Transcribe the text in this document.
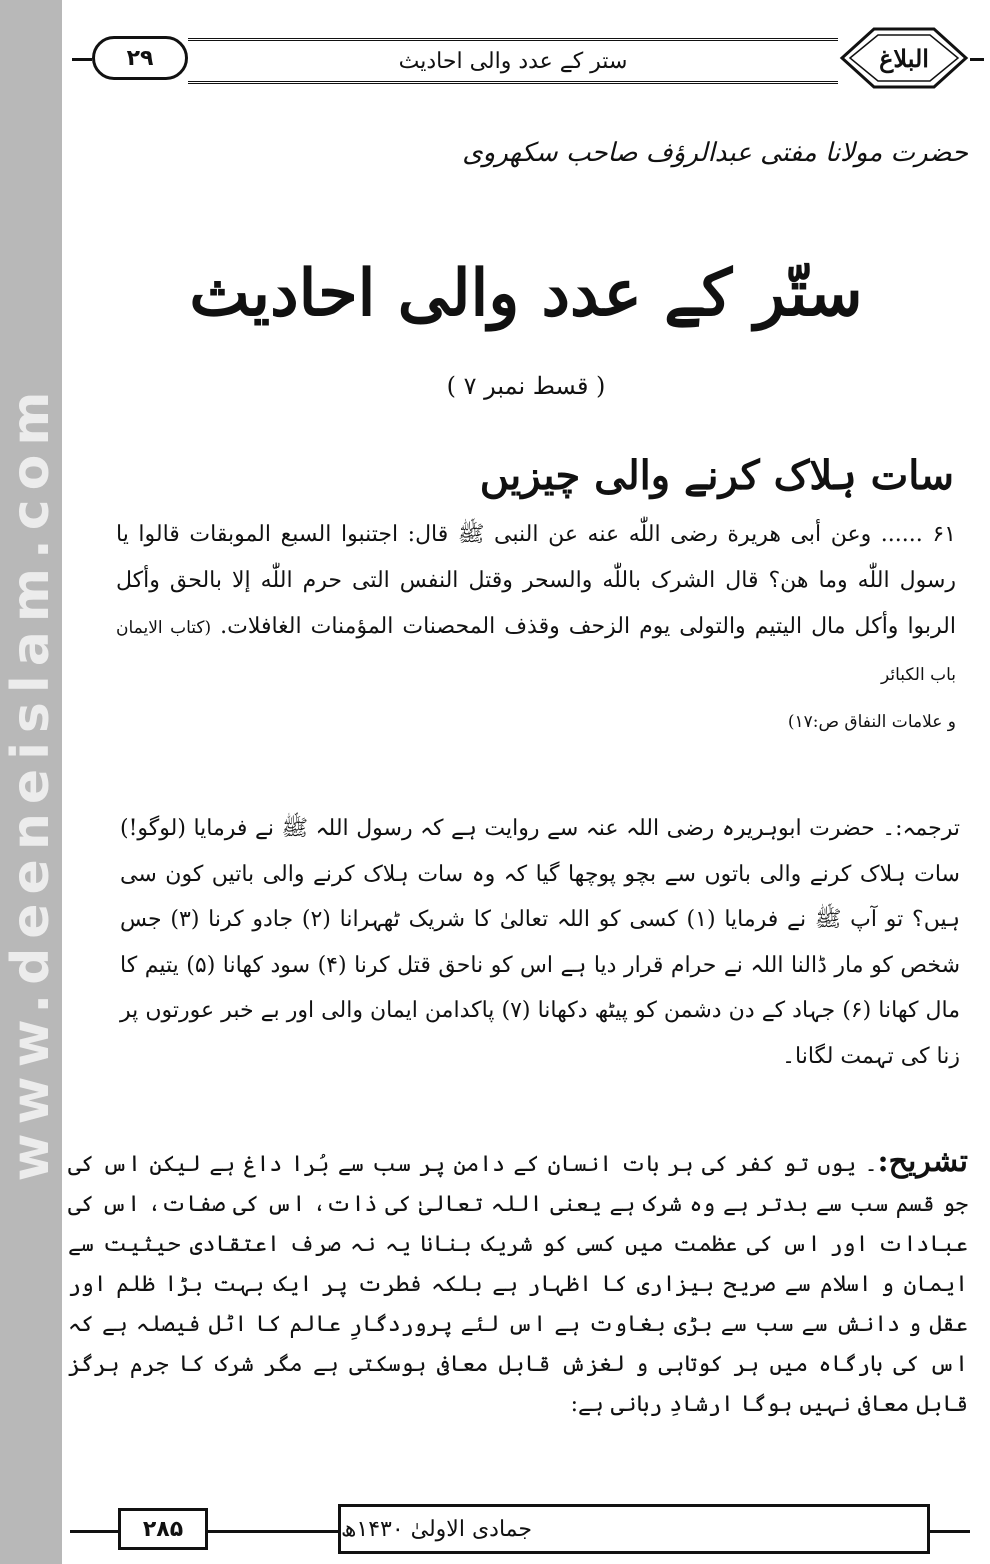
www.deeneislam.com
۲۹	ستر کے عدد والی احادیث	البلاغ
حضرت مولانا مفتی عبدالرؤف صاحب سکھروی
ستّر کے عدد والی احادیث
( قسط نمبر ۷ )
سات ہلاک کرنے والی چیزیں
۶۱ ...... وعن أبی هریرة رضی اللّٰه عنه عن النبی ﷺ قال: اجتنبوا السبع الموبقات قالوا یا رسول اللّٰه وما هن؟ قال الشرک باللّٰه والسحر وقتل النفس التی حرم اللّٰه إلا بالحق وأکل الربوا وأکل مال الیتیم والتولی یوم الزحف وقذف المحصنات المؤمنات الغافلات. (کتاب الایمان باب الکبائر
و علامات النفاق ص:۱۷)
ترجمہ:۔ حضرت ابوہریرہ رضی اللہ عنہ سے روایت ہے کہ رسول اللہ ﷺ نے فرمایا (لوگو!) سات ہلاک کرنے والی باتوں سے بچو پوچھا گیا کہ وہ سات ہلاک کرنے والی باتیں کون سی ہیں؟ تو آپ ﷺ نے فرمایا (۱) کسی کو اللہ تعالیٰ کا شریک ٹھہرانا (۲) جادو کرنا (۳) جس شخص کو مار ڈالنا اللہ نے حرام قرار دیا ہے اس کو ناحق قتل کرنا (۴) سود کھانا (۵) یتیم کا مال کھانا (۶) جہاد کے دن دشمن کو پیٹھ دکھانا (۷) پاکدامن ایمان والی اور بے خبر عورتوں پر زنا کی تہمت لگانا۔
تشریح:۔ یوں تو کفر کی ہر بات انسان کے دامن پر سب سے بُرا داغ ہے لیکن اس کی جو قسم سب سے بدتر ہے وہ شرک ہے یعنی اللہ تعالیٰ کی ذات، اس کی صفات، اس کی عبادات اور اس کی عظمت میں کسی کو شریک بنانا یہ نہ صرف اعتقادی حیثیت سے ایمان و اسلام سے صریح بیزاری کا اظہار ہے بلکہ فطرت پر ایک بہت بڑا ظلم اور عقل و دانش سے سب سے بڑی بغاوت ہے اس لئے پروردگارِ عالم کا اٹل فیصلہ ہے کہ اس کی بارگاہ میں ہر کوتاہی و لغزش قابل معافی ہوسکتی ہے مگر شرک کا جرم ہرگز قابل معافی نہیں ہوگا ارشادِ ربانی ہے:
۲۸۵	جمادی الاولیٰ ۱۴۳۰ھ
